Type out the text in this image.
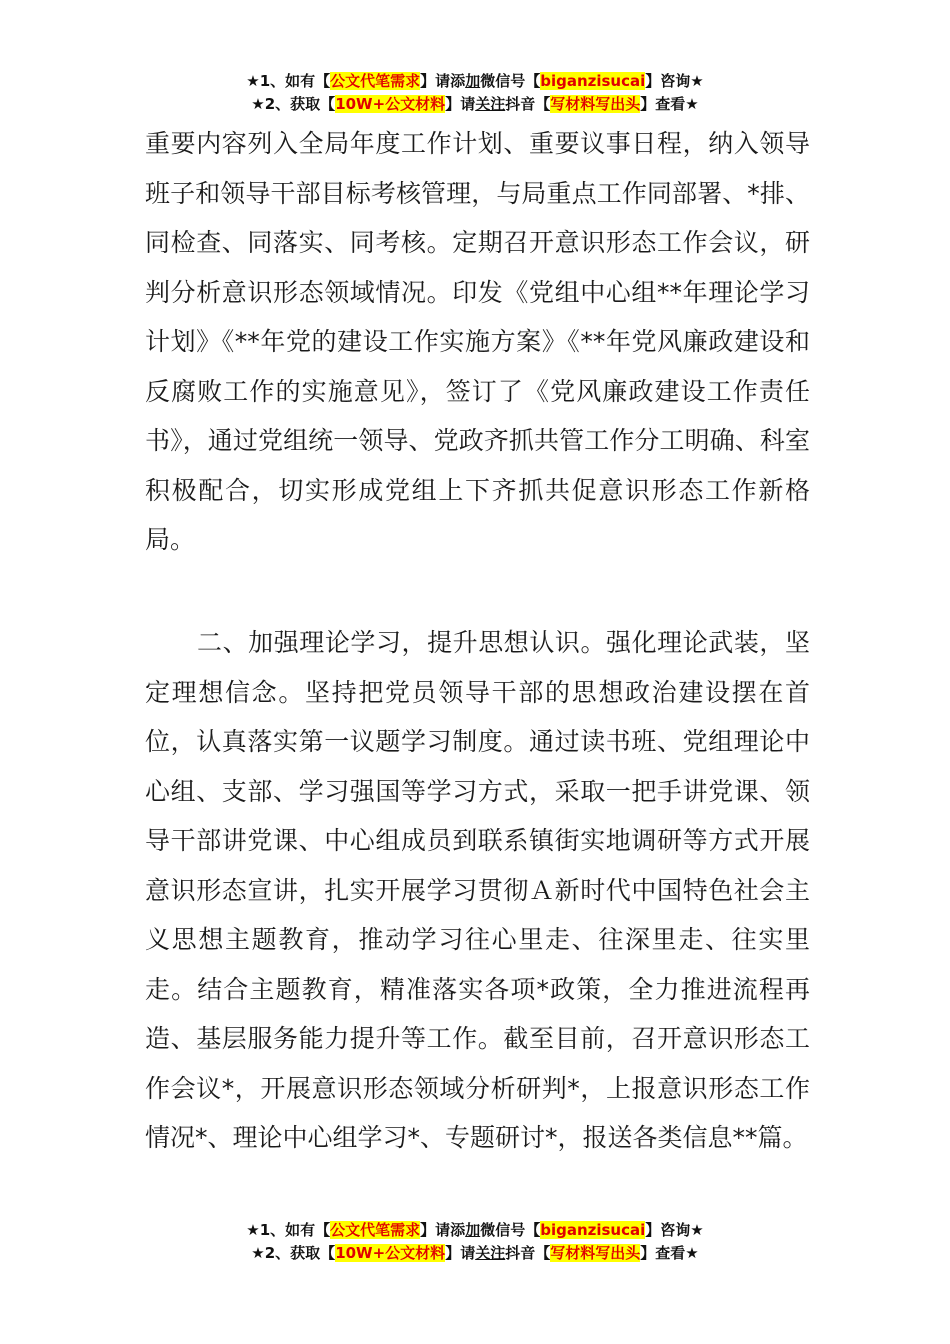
★1、如有【公文代笔需求】请添加微信号【biganzisucai】咨询★
★2、获取【10W+公文材料】请关注抖音【写材料写出头】查看★

重要内容列入全局年度工作计划、重要议事日程，纳入领导班子和领导干部目标考核管理，与局重点工作同部署、*排、同检查、同落实、同考核。定期召开意识形态工作会议，研判分析意识形态领域情况。印发《党组中心组**年理论学习计划》《**年党的建设工作实施方案》《**年党风廉政建设和反腐败工作的实施意见》，签订了《党风廉政建设工作责任书》，通过党组统一领导、党政齐抓共管工作分工明确、科室积极配合，切实形成党组上下齐抓共促意识形态工作新格局。

二、加强理论学习，提升思想认识。强化理论武装，坚定理想信念。坚持把党员领导干部的思想政治建设摆在首位，认真落实第一议题学习制度。通过读书班、党组理论中心组、支部、学习强国等学习方式，采取一把手讲党课、领导干部讲党课、中心组成员到联系镇街实地调研等方式开展意识形态宣讲，扎实开展学习贯彻Ａ新时代中国特色社会主义思想主题教育，推动学习往心里走、往深里走、往实里走。结合主题教育，精准落实各项*政策，全力推进流程再造、基层服务能力提升等工作。截至目前，召开意识形态工作会议*，开展意识形态领域分析研判*，上报意识形态工作情况*、理论中心组学习*、专题研讨*，报送各类信息**篇。

★1、如有【公文代笔需求】请添加微信号【biganzisucai】咨询★
★2、获取【10W+公文材料】请关注抖音【写材料写出头】查看★
